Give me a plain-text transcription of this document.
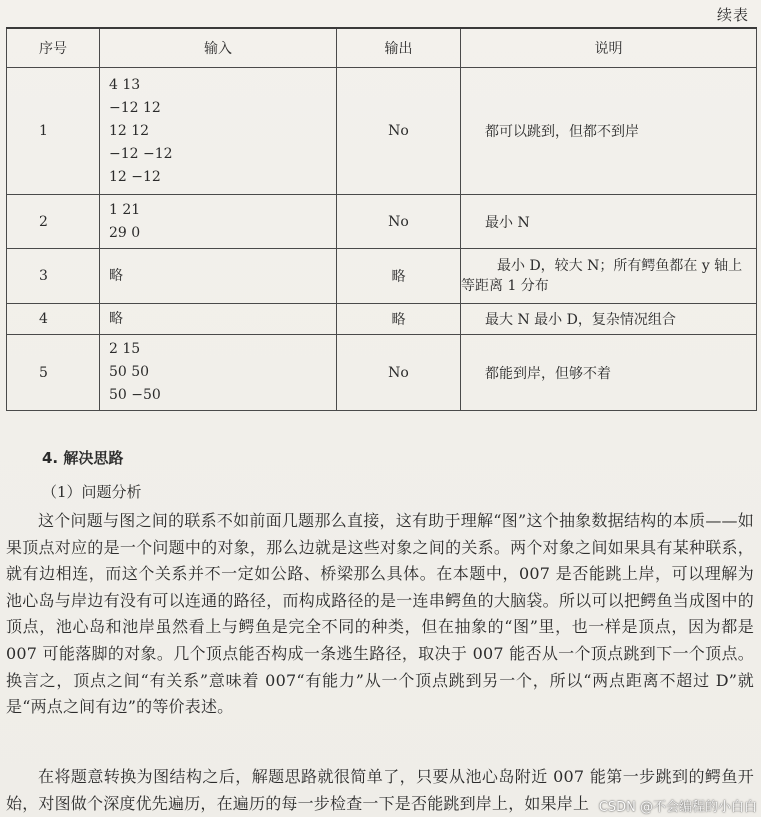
续表
序号	输入	输出	说明
1	4 13
−12 12
12 12
−12 −12
12 −12	No	都可以跳到，但都不到岸
2	1 21
29 0	No	最小 N
3	略	略	最小 D，较大 N；所有鳄鱼都在 y 轴上
等距离 1 分布

4	略	略	最大 N 最小 D，复杂情况组合
5	2 15
50 50
50 −50	No	都能到岸，但够不着
4. 解决思路
（1）问题分析
这个问题与图之间的联系不如前面几题那么直接，这有助于理解“图”这个抽象数据结构的本质——如果顶点对应的是一个问题中的对象，那么边就是这些对象之间的关系。两个对象之间如果具有某种联系，就有边相连，而这个关系并不一定如公路、桥梁那么具体。在本题中，007 是否能跳上岸，可以理解为池心岛与岸边有没有可以连通的路径，而构成路径的是一连串鳄鱼的大脑袋。所以可以把鳄鱼当成图中的顶点，池心岛和池岸虽然看上与鳄鱼是完全不同的种类，但在抽象的“图”里，也一样是顶点，因为都是 007 可能落脚的对象。几个顶点能否构成一条逃生路径，取决于 007 能否从一个顶点跳到下一个顶点。换言之，顶点之间“有关系”意味着 007“有能力”从一个顶点跳到另一个，所以“两点距离不超过 D”就是“两点之间有边”的等价表述。
在将题意转换为图结构之后，解题思路就很简单了，只要从池心岛附近 007 能第一步跳到的鳄鱼开始，对图做个深度优先遍历，在遍历的每一步检查一下是否能跳到岸上，如果岸上 CSDN @不会编程的小白白
